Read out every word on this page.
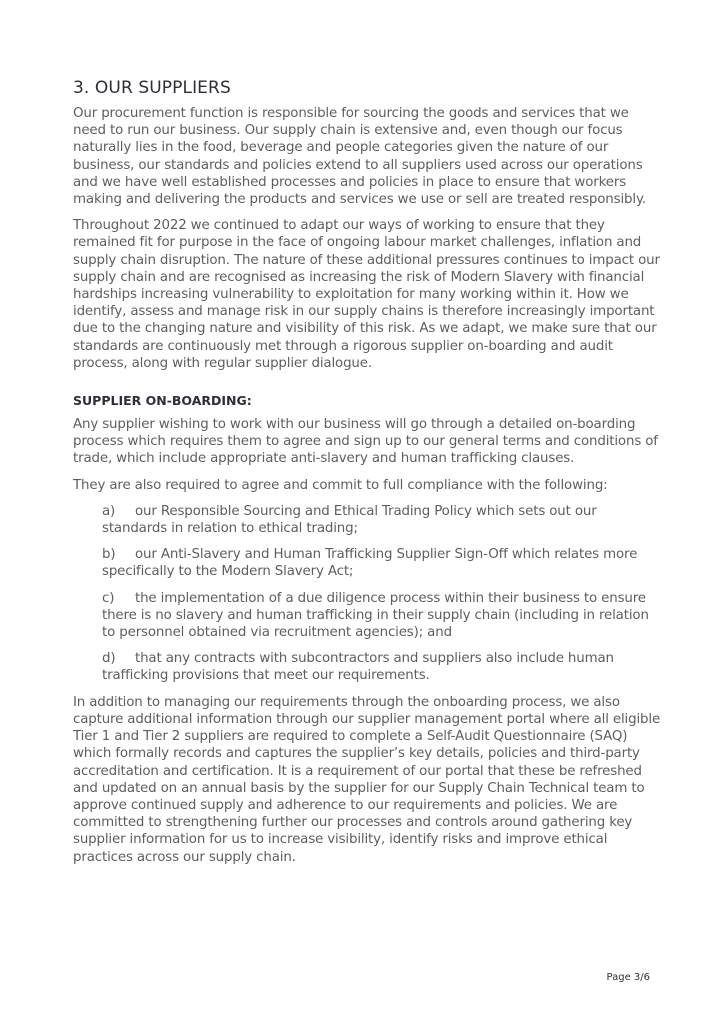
3. OUR SUPPLIERS

Our procurement function is responsible for sourcing the goods and services that we need to run our business. Our supply chain is extensive and, even though our focus naturally lies in the food, beverage and people categories given the nature of our business, our standards and policies extend to all suppliers used across our operations and we have well established processes and policies in place to ensure that workers making and delivering the products and services we use or sell are treated responsibly.

Throughout 2022 we continued to adapt our ways of working to ensure that they remained fit for purpose in the face of ongoing labour market challenges, inflation and supply chain disruption. The nature of these additional pressures continues to impact our supply chain and are recognised as increasing the risk of Modern Slavery with financial hardships increasing vulnerability to exploitation for many working within it. How we identify, assess and manage risk in our supply chains is therefore increasingly important due to the changing nature and visibility of this risk. As we adapt, we make sure that our standards are continuously met through a rigorous supplier on-boarding and audit process, along with regular supplier dialogue.

SUPPLIER ON-BOARDING:

Any supplier wishing to work with our business will go through a detailed on-boarding process which requires them to agree and sign up to our general terms and conditions of trade, which include appropriate anti-slavery and human trafficking clauses.

They are also required to agree and commit to full compliance with the following:

a) our Responsible Sourcing and Ethical Trading Policy which sets out our standards in relation to ethical trading;
b) our Anti-Slavery and Human Trafficking Supplier Sign-Off which relates more specifically to the Modern Slavery Act;
c) the implementation of a due diligence process within their business to ensure there is no slavery and human trafficking in their supply chain (including in relation to personnel obtained via recruitment agencies); and
d) that any contracts with subcontractors and suppliers also include human trafficking provisions that meet our requirements.

In addition to managing our requirements through the onboarding process, we also capture additional information through our supplier management portal where all eligible Tier 1 and Tier 2 suppliers are required to complete a Self-Audit Questionnaire (SAQ) which formally records and captures the supplier’s key details, policies and third-party accreditation and certification. It is a requirement of our portal that these be refreshed and updated on an annual basis by the supplier for our Supply Chain Technical team to approve continued supply and adherence to our requirements and policies. We are committed to strengthening further our processes and controls around gathering key supplier information for us to increase visibility, identify risks and improve ethical practices across our supply chain.

Page 3/6
